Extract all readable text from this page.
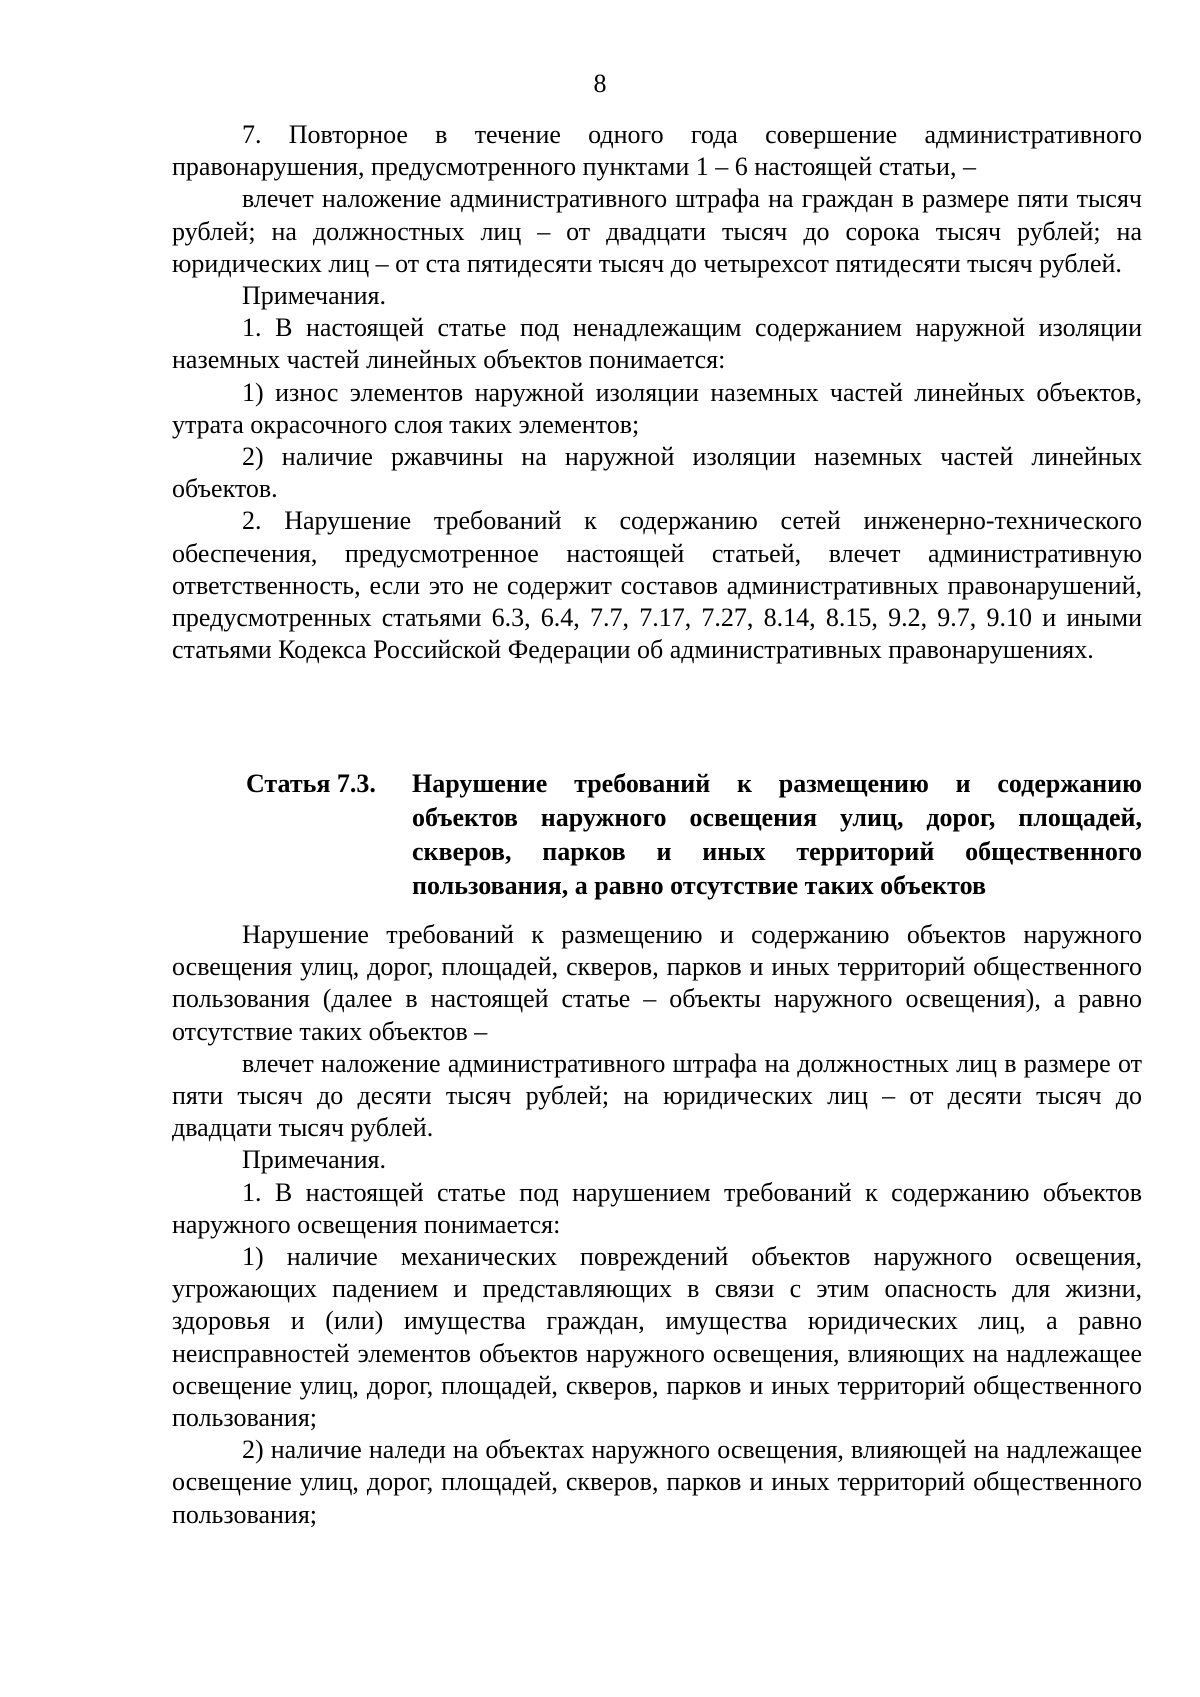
8

7. Повторное в течение одного года совершение административного правонарушения, предусмотренного пунктами 1 – 6 настоящей статьи, –

влечет наложение административного штрафа на граждан в размере пяти тысяч рублей; на должностных лиц – от двадцати тысяч до сорока тысяч рублей; на юридических лиц – от ста пятидесяти тысяч до четырехсот пятидесяти тысяч рублей.

Примечания.

1. В настоящей статье под ненадлежащим содержанием наружной изоляции наземных частей линейных объектов понимается:

1) износ элементов наружной изоляции наземных частей линейных объектов, утрата окрасочного слоя таких элементов;

2) наличие ржавчины на наружной изоляции наземных частей линейных объектов.

2. Нарушение требований к содержанию сетей инженерно-технического обеспечения, предусмотренное настоящей статьей, влечет административную ответственность, если это не содержит составов административных правонарушений, предусмотренных статьями 6.3, 6.4, 7.7, 7.17, 7.27, 8.14, 8.15, 9.2, 9.7, 9.10 и иными статьями Кодекса Российской Федерации об административных правонарушениях.

Статья 7.3. Нарушение требований к размещению и содержанию объектов наружного освещения улиц, дорог, площадей, скверов, парков и иных территорий общественного пользования, а равно отсутствие таких объектов

Нарушение требований к размещению и содержанию объектов наружного освещения улиц, дорог, площадей, скверов, парков и иных территорий общественного пользования (далее в настоящей статье – объекты наружного освещения), а равно отсутствие таких объектов –

влечет наложение административного штрафа на должностных лиц в размере от пяти тысяч до десяти тысяч рублей; на юридических лиц – от десяти тысяч до двадцати тысяч рублей.

Примечания.

1. В настоящей статье под нарушением требований к содержанию объектов наружного освещения понимается:

1) наличие механических повреждений объектов наружного освещения, угрожающих падением и представляющих в связи с этим опасность для жизни, здоровья и (или) имущества граждан, имущества юридических лиц, а равно неисправностей элементов объектов наружного освещения, влияющих на надлежащее освещение улиц, дорог, площадей, скверов, парков и иных территорий общественного пользования;

2) наличие наледи на объектах наружного освещения, влияющей на надлежащее освещение улиц, дорог, площадей, скверов, парков и иных территорий общественного пользования;
